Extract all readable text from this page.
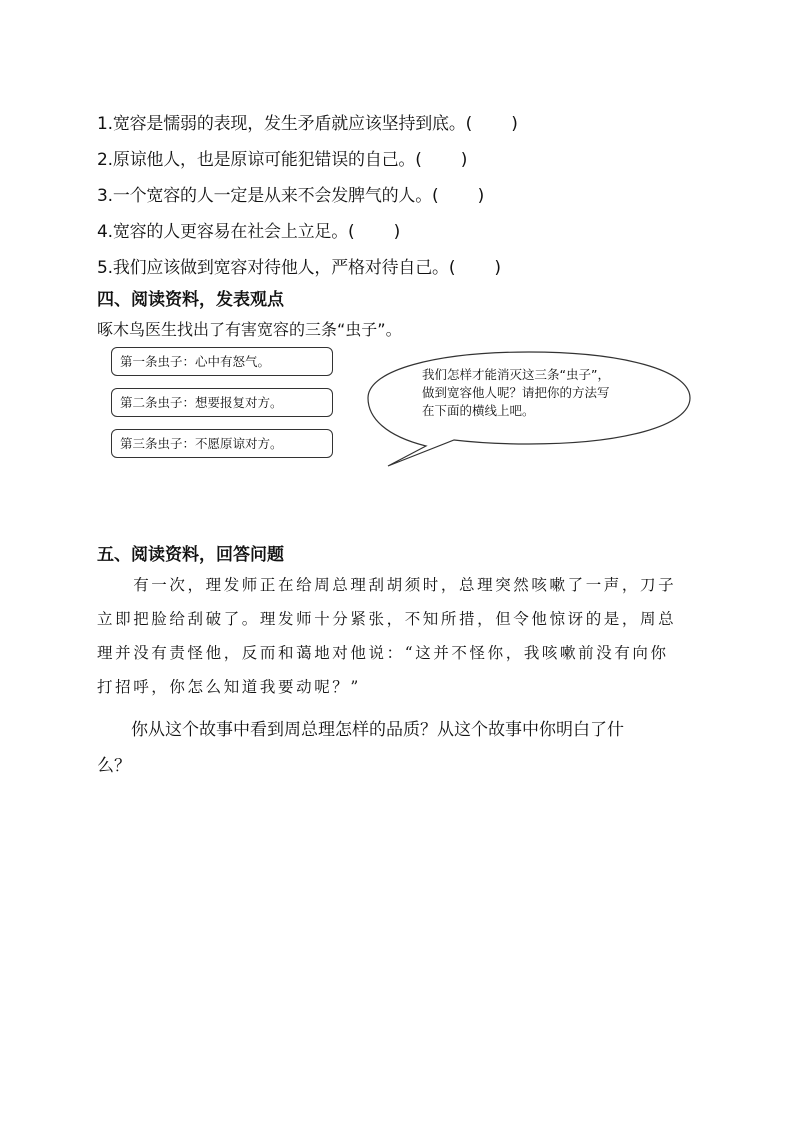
1.宽容是懦弱的表现，发生矛盾就应该坚持到底。( )
2.原谅他人，也是原谅可能犯错误的自己。( )
3.一个宽容的人一定是从来不会发脾气的人。( )
4.宽容的人更容易在社会上立足。( )
5.我们应该做到宽容对待他人，严格对待自己。( )
四、阅读资料，发表观点
啄木鸟医生找出了有害宽容的三条“虫子”。
第一条虫子：心中有怒气。
第二条虫子：想要报复对方。
第三条虫子：不愿原谅对方。
我们怎样才能消灭这三条“虫子”，
做到宽容他人呢？请把你的方法写
在下面的横线上吧。
五、阅读资料，回答问题
　　有一次，理发师正在给周总理刮胡须时，总理突然咳嗽了一声，刀子
立即把脸给刮破了。理发师十分紧张，不知所措，但令他惊讶的是，周总
理并没有责怪他，反而和蔼地对他说：“这并不怪你，我咳嗽前没有向你
打招呼，你怎么知道我要动呢？”
　　你从这个故事中看到周总理怎样的品质？从这个故事中你明白了什
么？
